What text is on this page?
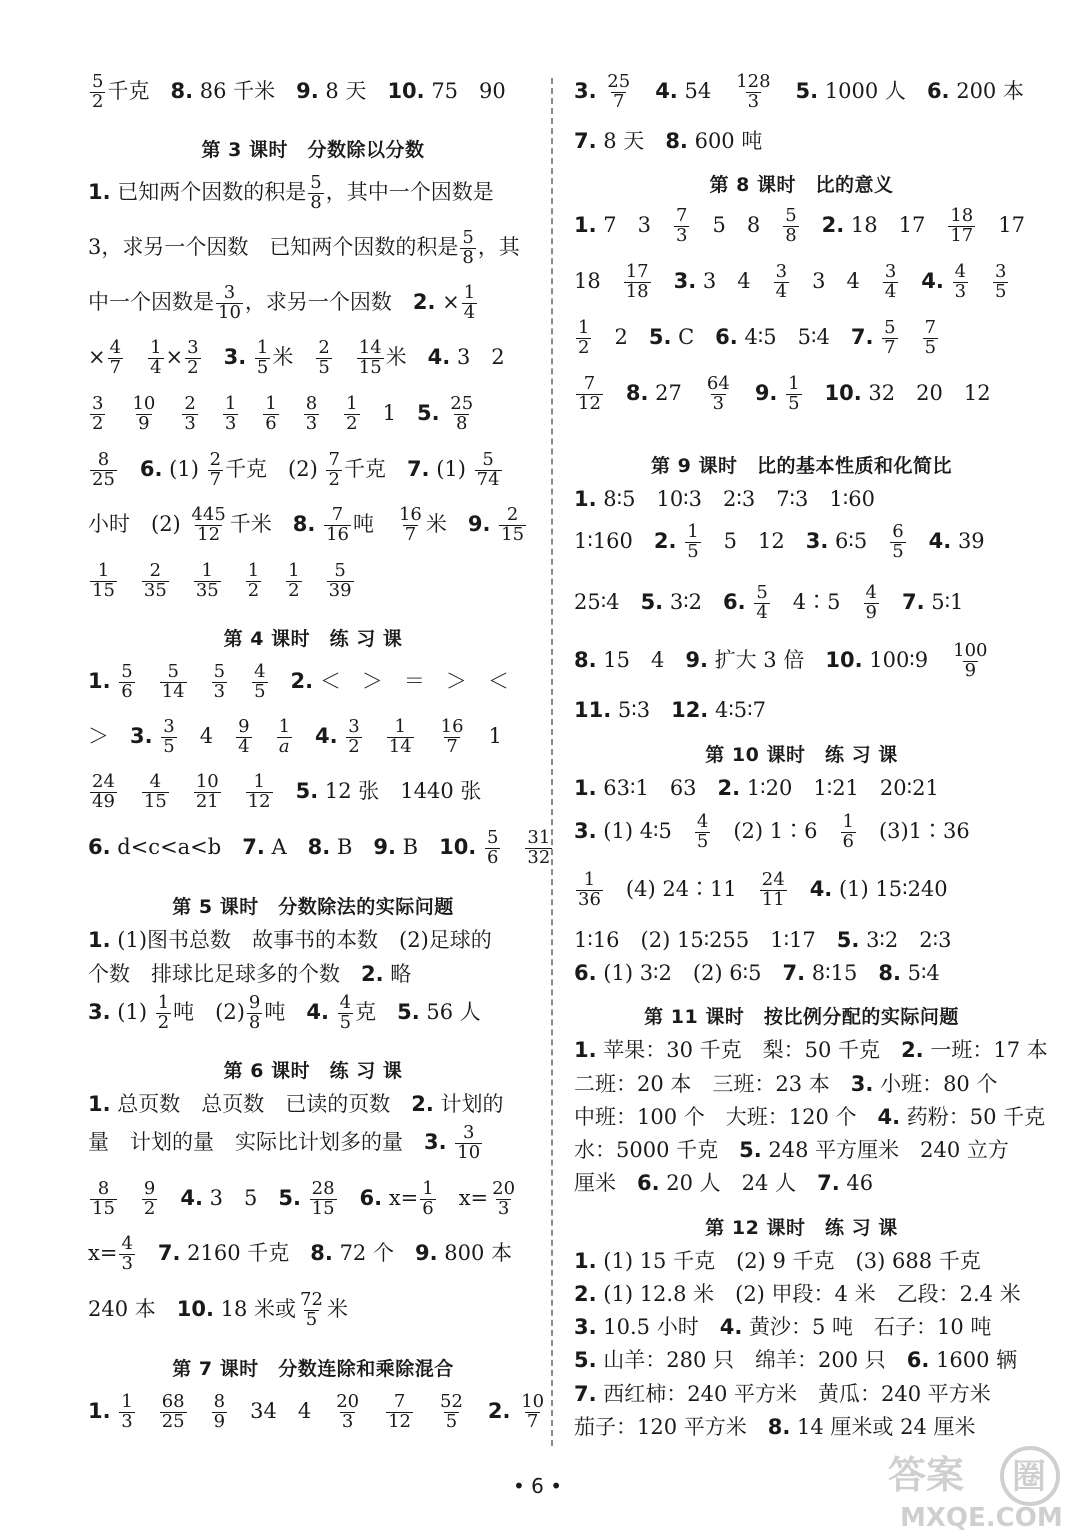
$\frac{5}{2}$ 千克　8. 86 千米　9. 8 天　10. 75　90
第 3 课时　分数除以分数
1. 已知两个因数的积是 $\frac{5}{8}$ ，其中一个因数是
3，求另一个因数　已知两个因数的积是 $\frac{5}{8}$ ，其
中一个因数是 $\frac{3}{10}$ ，求另一个因数　2. × $\frac{1}{4}$
× $\frac{4}{7}$
　 $\frac{1}{4} \times \frac{3}{2}$
　 3. $\frac{1}{5}$ 米　 $\frac{2}{5}$
　 $\frac{14}{15}$ 米　4. 3　2
$\frac{3}{2}$
　 $\frac{10}{9}$
　 $\frac{2}{3}$
　 $\frac{1}{3}$
　 $\frac{1}{6}$
　 $\frac{8}{3}$
　 $\frac{1}{2}$ 　1　5. $\frac{25}{8}$
$\frac{8}{25}$
　 6. $(1) \frac{2}{7}$ 千克　$(2) \frac{7}{2}$ 千克　7. $(1) \frac{5}{74}$
小时　$(2) \frac{445}{12}$ 千米　8. $\frac{7}{16}$ 吨　 $\frac{16}{7}$ 米　9. $\frac{2}{15}$
$\frac{1}{15}$
　 $\frac{2}{35}$
　 $\frac{1}{35}$
　 $\frac{1}{2}$
　 $\frac{1}{2}$
　 $\frac{5}{39}$
第 4 课时　练 习 课
1. $\frac{5}{6}$
　 $\frac{5}{14}$
　 $\frac{5}{3}$
　 $\frac{4}{5}$
　 2. ＜　＞　＝　＞　＜
＞　3. $\frac{3}{5}$ 　4　 $\frac{9}{4}$
　 $\frac{1}{a}$
　 4. $\frac{3}{2}$
　 $\frac{1}{14}$
　 $\frac{16}{7}$ 　1
$\frac{24}{49}$
　 $\frac{4}{15}$
　 $\frac{10}{21}$
　 $\frac{1}{12}$
　 5. 12 张　1440 张
6. d<c<a<b　7. A　8. B　9. B　10. $\frac{5}{6}$
　 $\frac{31}{32}$
第 5 课时　分数除法的实际问题
1. (1)图书总数　故事书的本数　(2)足球的
个数　排球比足球多的个数　2. 略
3. $(1) \frac{1}{2}$ 吨　$(2) \frac{9}{8}$ 吨　4. $\frac{4}{5}$ 克　5. 56 人
第 6 课时　练 习 课
1. 总页数　总页数　已读的页数　2. 计划的
量　计划的量　实际比计划多的量　3. $\frac{3}{10}$
$\frac{8}{15}$
　 $\frac{9}{2}$
　 4. 3　5　5. $\frac{28}{15}$
　 6. $x= \frac{1}{6}$ 　$x= \frac{20}{3}$
$x= \frac{4}{3}$
　 7. 2160 千克　8. 72 个　9. 800 本
240 本　10. 18 米或 $\frac{72}{5}$ 米
第 7 课时　分数连除和乘除混合
1. $\frac{1}{3}$
　 $\frac{68}{25}$
　 $\frac{8}{9}$ 　34　4　 $\frac{20}{3}$
　 $\frac{7}{12}$
　 $\frac{52}{5}$
　 2. $\frac{10}{7}$
3. $\frac{25}{7}$
　 4. 54　 $\frac{128}{3}$
　 5. 1000 人　6. 200 本
7. 8 天　8. 600 吨
第 8 课时　比的意义
1. 7　3　 $\frac{7}{3}$ 　5　8　 $\frac{5}{8}$
　 2. 18　17　 $\frac{18}{17}$ 　17
18　 $\frac{17}{18}$
　 3. 3　4　 $\frac{3}{4}$ 　3　4　 $\frac{3}{4}$
　 4. $\frac{4}{3}$
　 $\frac{3}{5}$
$\frac{1}{2}$ 　2　5. C　6. 4∶5　5∶4　7. $\frac{5}{7}$
　 $\frac{7}{5}$
$\frac{7}{12}$
　 8. 27　 $\frac{64}{3}$
　 9. $\frac{1}{5}$
　 10. 32　20　12
第 9 课时　比的基本性质和化简比
1. 8∶5　10∶3　2∶3　7∶3　1∶60
1∶160　2. $\frac{1}{5}$ 　5　12　3. 6∶5　 $\frac{6}{5}$
　 4. 39
25∶4　5. 3∶2　6. $\frac{5}{4}$ 　4∶5　 $\frac{4}{9}$
　 7. 5∶1
8. 15　4　9. 扩大 3 倍　10. 100∶9　 $\frac{100}{9}$
11. 5∶3　12. 4∶5∶7
第 10 课时　练 习 课
1. 63∶1　63　2. 1∶20　1∶21　20∶21
3. (1) 4∶5　 $\frac{4}{5}$ 　(2) 1∶6　 $\frac{1}{6}$ 　(3)1∶36
$\frac{1}{36}$ 　(4) 24∶11　 $\frac{24}{11}$
　 4. (1) 15∶240
1∶16　(2) 15∶255　1∶17　5. 3∶2　2∶3
6. (1) 3∶2　(2) 6∶5　7. 8∶15　8. 5∶4
第 11 课时　按比例分配的实际问题
1. 苹果：30 千克　梨：50 千克　2. 一班：17 本
二班：20 本　三班：23 本　3. 小班：80 个
中班：100 个　大班：120 个　4. 药粉：50 千克
水：5000 千克　5. 248 平方厘米　240 立方
厘米　6. 20 人　24 人　7. 46
第 12 课时　练 习 课
1. (1) 15 千克　(2) 9 千克　(3) 688 千克
2. (1) 12.8 米　(2) 甲段：4 米　乙段：2.4 米
3. 10.5 小时　4. 黄沙：5 吨　石子：10 吨
5. 山羊：280 只　绵羊：200 只　6. 1600 辆
7. 西红柿：240 平方米　黄瓜：240 平方米
茄子：120 平方米　8. 14 厘米或 24 厘米
• 6 •	答案 圈
MXQE.COM
